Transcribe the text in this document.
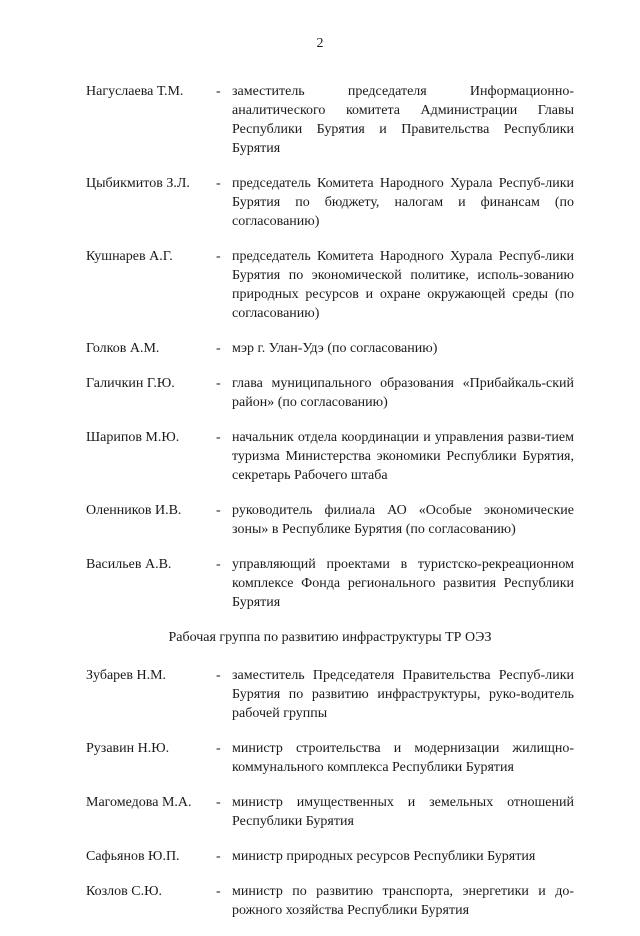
2
Нагуслаева Т.М.	- заместитель председателя Информационно-аналитического комитета Администрации Главы Республики Бурятия и Правительства Республики Бурятия
Цыбикмитов З.Л.	- председатель Комитета Народного Хурала Респуб-лики Бурятия по бюджету, налогам и финансам (по согласованию)
Кушнарев А.Г.	- председатель Комитета Народного Хурала Респуб-лики Бурятия по экономической политике, исполь-зованию природных ресурсов и охране окружающей среды (по согласованию)
Голков А.М.	- мэр г. Улан-Удэ (по согласованию)
Галичкин Г.Ю.	- глава муниципального образования «Прибайкаль-ский район» (по согласованию)
Шарипов М.Ю.	- начальник отдела координации и управления разви-тием туризма Министерства экономики Республики Бурятия, секретарь Рабочего штаба
Оленников И.В.	- руководитель филиала АО «Особые экономические зоны» в Республике Бурятия (по согласованию)
Васильев А.В.	- управляющий проектами в туристско-рекреационном комплексе Фонда регионального развития Республики Бурятия
Рабочая группа по развитию инфраструктуры ТР ОЭЗ
Зубарев Н.М.	- заместитель Председателя Правительства Респуб-лики Бурятия по развитию инфраструктуры, руко-водитель рабочей группы
Рузавин Н.Ю.	- министр строительства и модернизации жилищно-коммунального комплекса Республики Бурятия
Магомедова М.А.	- министр имущественных и земельных отношений Республики Бурятия
Сафьянов Ю.П.	- министр природных ресурсов Республики Бурятия
Козлов С.Ю.	- министр по развитию транспорта, энергетики и до-рожного хозяйства Республики Бурятия
